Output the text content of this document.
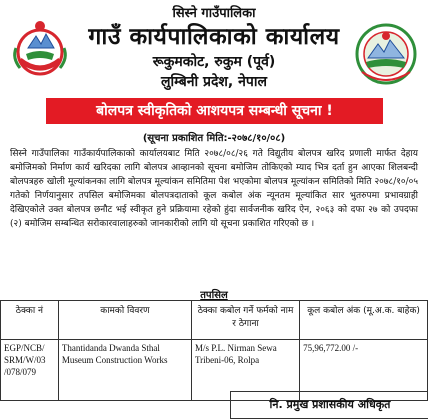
सिस्ने गाउँपालिका
गाउँ कार्यपालिकाको कार्यालय
रूकुमकोट, रुकुम (पूर्व)
लुम्बिनी प्रदेश, नेपाल
बोलपत्र स्वीकृतिको आशयपत्र सम्बन्धी सूचना !
(सूचना प्रकाशित मिति:-२०७८/१०/०८)
सिस्ने गाउँपालिका गाउँकार्यपालिकाको कार्यालयबाट मिति २०७८/०८/२६ गते विद्युतीय बोलपत्र खरिद प्रणाली मार्फत देहाय बमोजिमको निर्माण कार्य खरिदका लागि बोलपत्र आव्हानको सूचना बमोजिम तोकिएको म्याद भित्र दर्ता हुन आएका शिलबन्दी बोलपत्रहरु खोली मूल्यांकनका लागि बोलपत्र मूल्यांकन समितिमा पेश भएकोमा बोलपत्र मूल्यांकन समितिको मिति २०७८/१०/०५ गतेको निर्णयानुसार तपसिल बमोजिमका बोलपत्रदाताको कूल कबोल अंक न्यूनतम मूल्यांकित सार भुतरुपमा प्रभावग्राही देखिएकोले उक्त बोलपत्र छनौट भई स्वीकृत हुने प्रक्रियामा रहेको हुंदा सार्वजनीक खरिद ऐन, २०६३ को दफा २७ को उपदफा (२) बमोजिम सम्बन्धित सरोकारवालाहरुको जानकारीको लागि यो सूचना प्रकाशित गरिएको छ ।
तपसिल
ठेक्का नं	कामको विवरण	ठेक्का कबोल गर्ने फर्मको नाम र ठेगाना	कूल कबोल अंक (मू.अ.क. बाहेक)
EGP/NCB/ SRM/W/03 /078/079	Thantidanda Dwanda Sthal Museum Construction Works	M/s P.L. Nirman Sewa Tribeni-06, Rolpa	75,96,772.00 /-
नि. प्रमुख प्रशासकीय अधिकृत
